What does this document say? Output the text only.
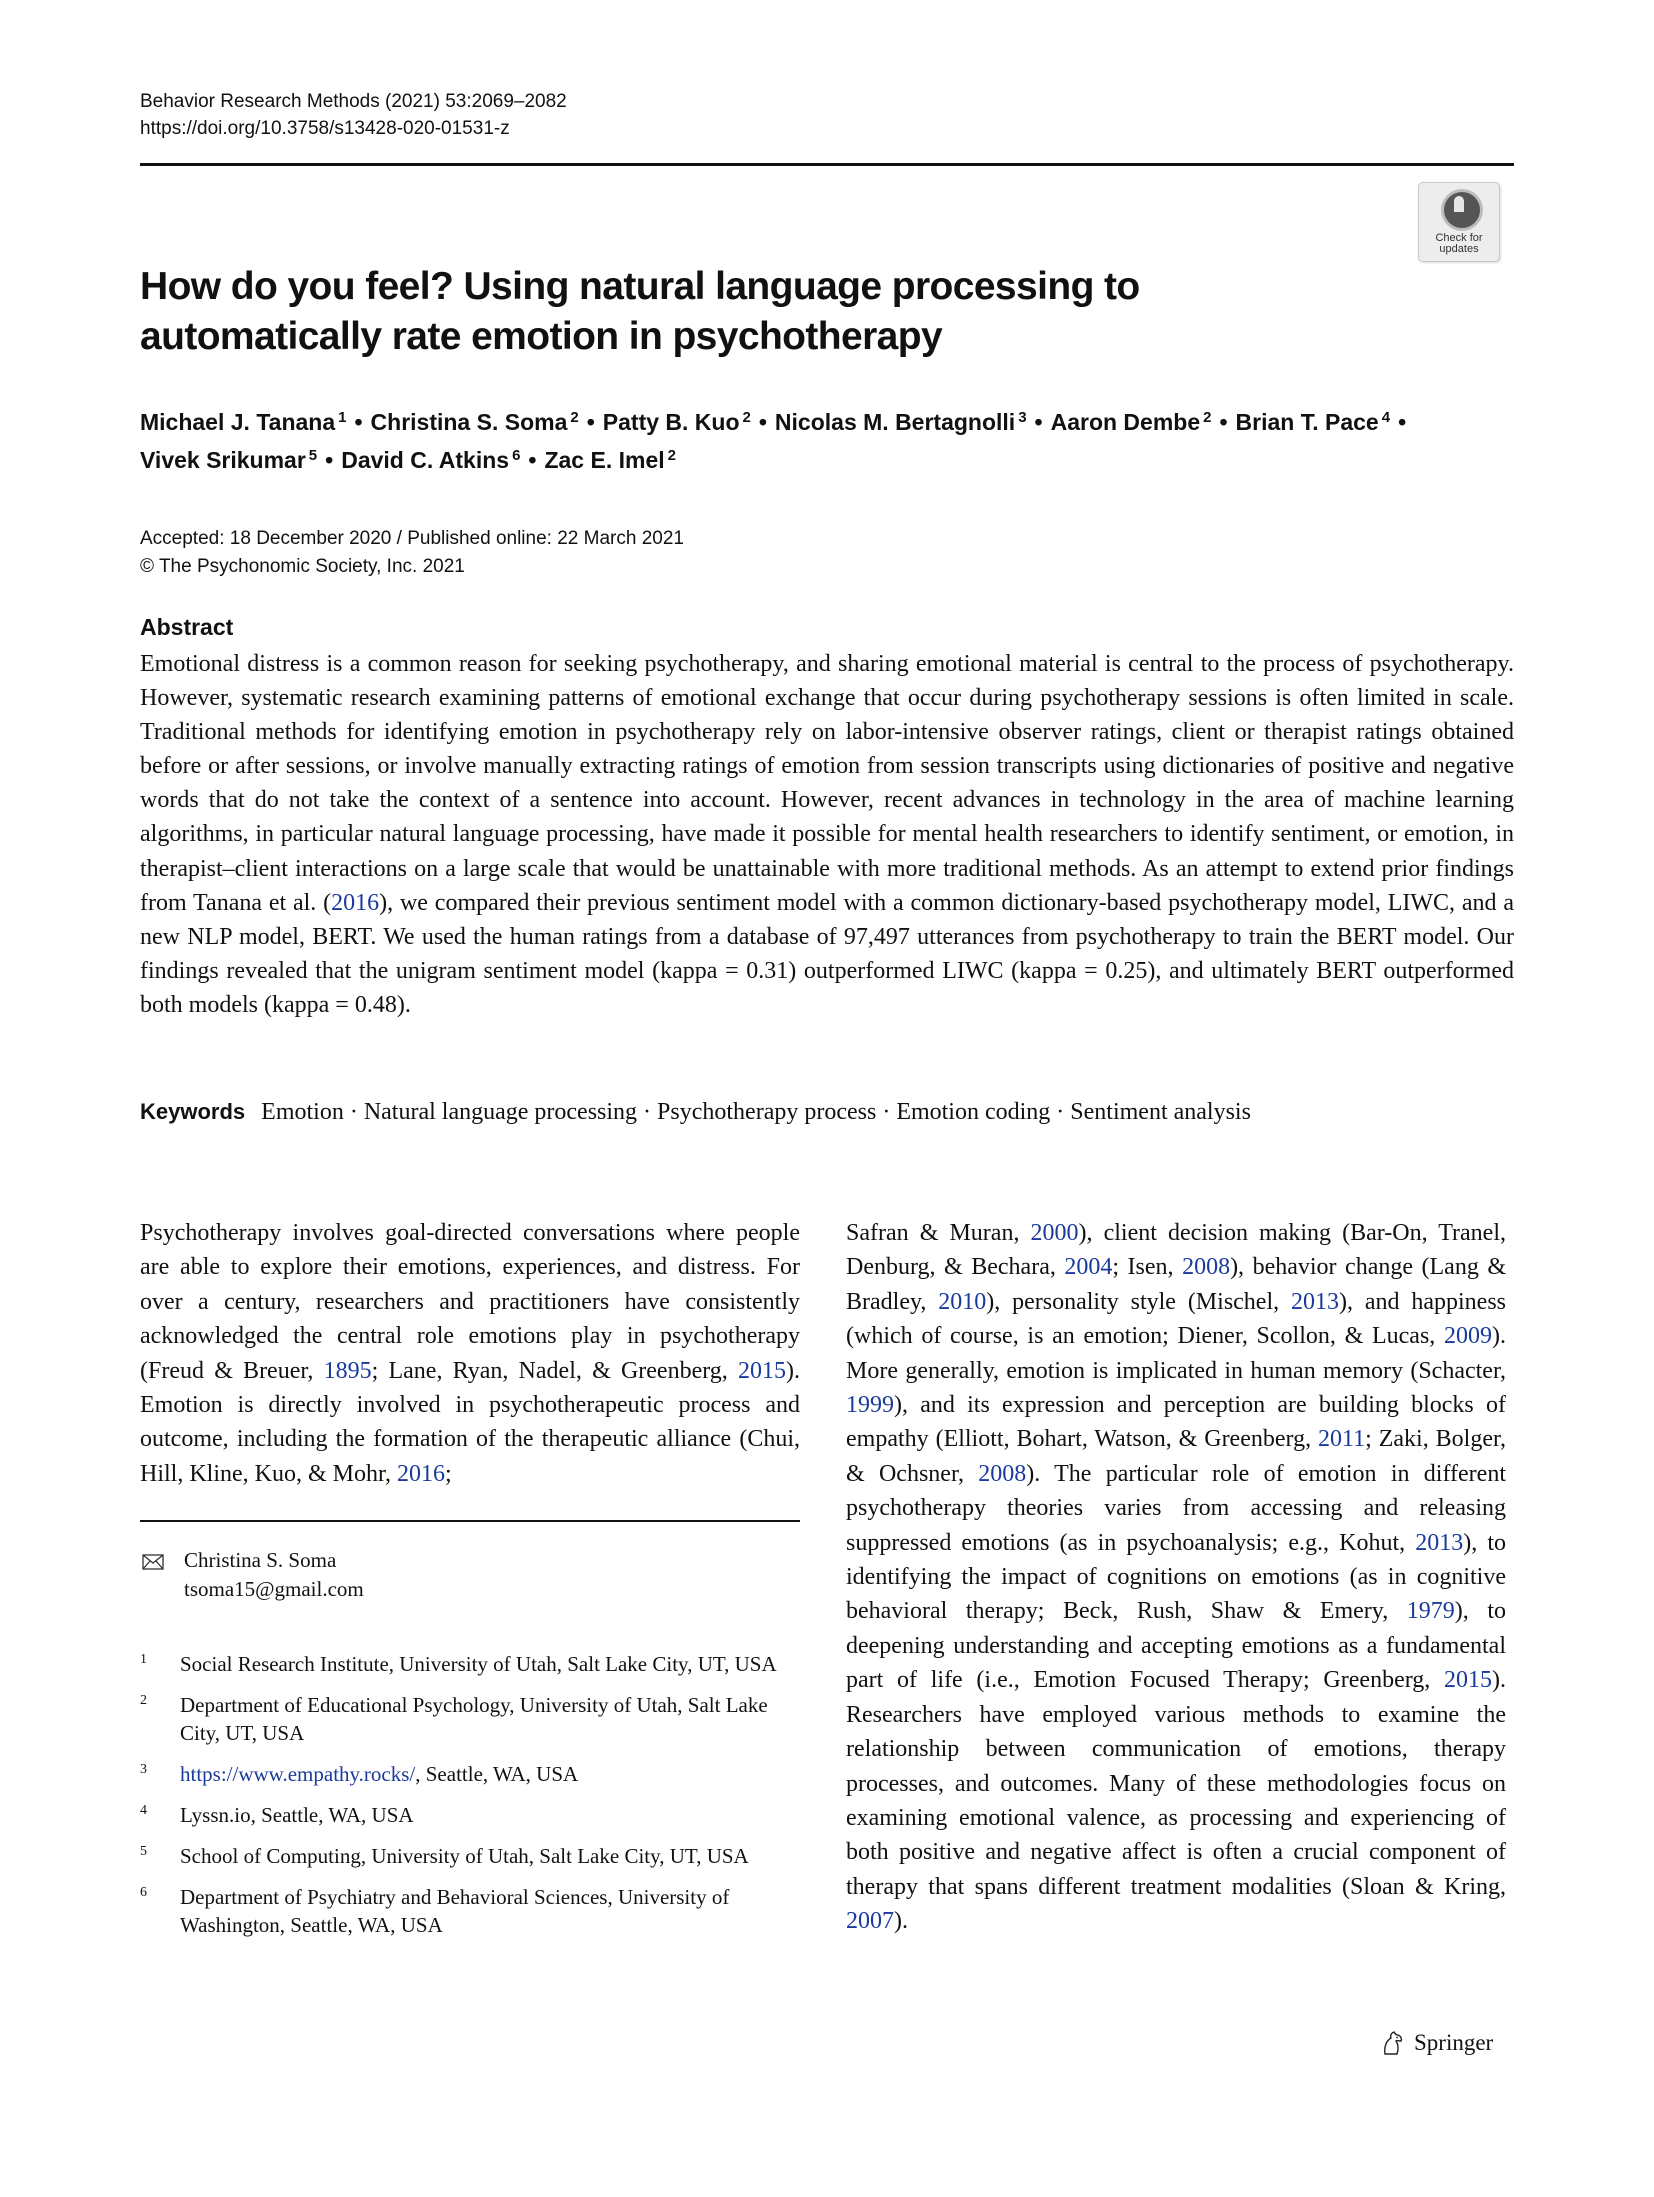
Behavior Research Methods (2021) 53:2069–2082
https://doi.org/10.3758/s13428-020-01531-z
Check for
updates
How do you feel? Using natural language processing to automatically rate emotion in psychotherapy
Michael J. Tanana $^1$ • Christina S. Soma $^2$ • Patty B. Kuo $^2$ • Nicolas M. Bertagnolli $^3$ • Aaron Dembe $^2$ • Brian T. Pace $^4$ •
Vivek Srikumar $^5$ • David C. Atkins $^6$ • Zac E. Imel $^2$
Accepted: 18 December 2020 / Published online: 22 March 2021
© The Psychonomic Society, Inc. 2021
Abstract
Emotional distress is a common reason for seeking psychotherapy, and sharing emotional material is central to the process of psychotherapy. However, systematic research examining patterns of emotional exchange that occur during psychotherapy sessions is often limited in scale. Traditional methods for identifying emotion in psychotherapy rely on labor-intensive observer ratings, client or therapist ratings obtained before or after sessions, or involve manually extracting ratings of emotion from session transcripts using dictionaries of positive and negative words that do not take the context of a sentence into account. However, recent advances in technology in the area of machine learning algorithms, in particular natural language processing, have made it possible for mental health researchers to identify sentiment, or emotion, in therapist–client interactions on a large scale that would be unattainable with more traditional methods. As an attempt to extend prior findings from Tanana et al. (2016), we compared their previous sentiment model with a common dictionary-based psychotherapy model, LIWC, and a new NLP model, BERT. We used the human ratings from a database of 97,497 utterances from psychotherapy to train the BERT model. Our findings revealed that the unigram sentiment model (kappa = 0.31) outperformed LIWC (kappa = 0.25), and ultimately BERT outperformed both models (kappa = 0.48).
Keywords Emotion · Natural language processing · Psychotherapy process · Emotion coding · Sentiment analysis
Psychotherapy involves goal-directed conversations where people are able to explore their emotions, experiences, and distress. For over a century, researchers and practitioners have consistently acknowledged the central role emotions play in psychotherapy (Freud & Breuer, 1895; Lane, Ryan, Nadel, & Greenberg, 2015). Emotion is directly involved in psychotherapeutic process and outcome, including the formation of the therapeutic alliance (Chui, Hill, Kline, Kuo, & Mohr, 2016;
Safran & Muran, 2000), client decision making (Bar-On, Tranel, Denburg, & Bechara, 2004; Isen, 2008), behavior change (Lang & Bradley, 2010), personality style (Mischel, 2013), and happiness (which of course, is an emotion; Diener, Scollon, & Lucas, 2009). More generally, emotion is implicated in human memory (Schacter, 1999), and its expression and perception are building blocks of empathy (Elliott, Bohart, Watson, & Greenberg, 2011; Zaki, Bolger, & Ochsner, 2008). The particular role of emotion in different psychotherapy theories varies from accessing and releasing suppressed emotions (as in psychoanalysis; e.g., Kohut, 2013), to identifying the impact of cognitions on emotions (as in cognitive behavioral therapy; Beck, Rush, Shaw & Emery, 1979), to deepening understanding and accepting emotions as a fundamental part of life (i.e., Emotion Focused Therapy; Greenberg, 2015). Researchers have employed various methods to examine the relationship between communication of emotions, therapy processes, and outcomes. Many of these methodologies focus on examining emotional valence, as processing and experiencing of both positive and negative affect is often a crucial component of therapy that spans different treatment modalities (Sloan & Kring, 2007).
Christina S. Soma
tsoma15@gmail.com
1 Social Research Institute, University of Utah, Salt Lake City, UT, USA
2 Department of Educational Psychology, University of Utah, Salt Lake City, UT, USA
3 https://www.empathy.rocks/, Seattle, WA, USA
4 Lyssn.io, Seattle, WA, USA
5 School of Computing, University of Utah, Salt Lake City, UT, USA
6 Department of Psychiatry and Behavioral Sciences, University of Washington, Seattle, WA, USA
Springer
